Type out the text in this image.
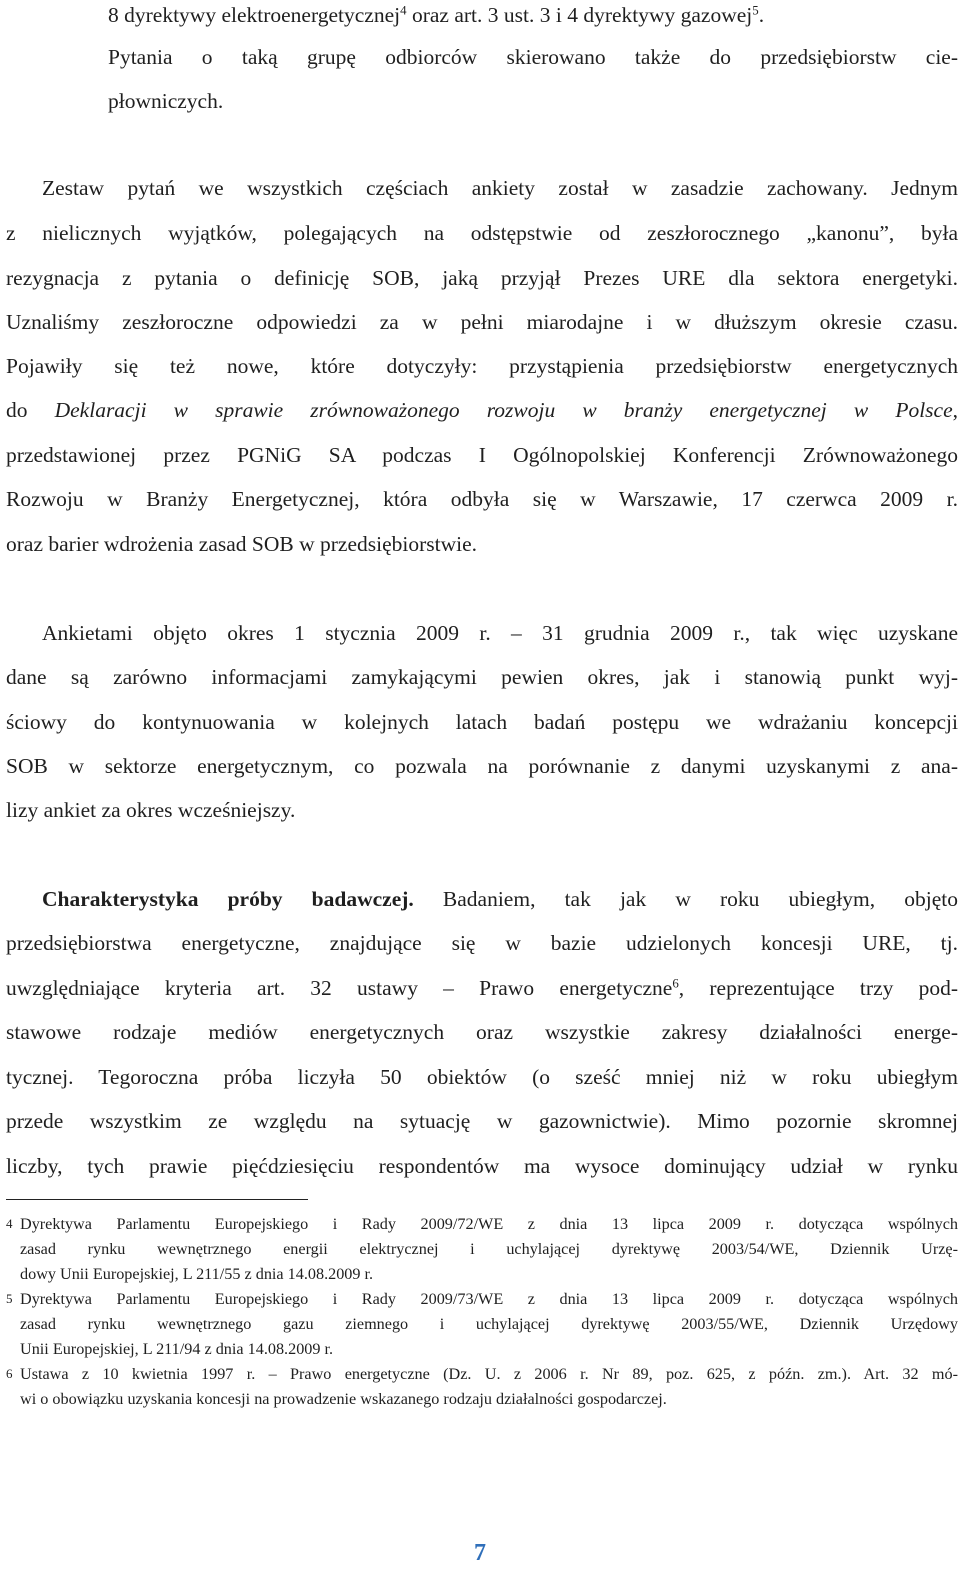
8 dyrektywy elektroenergetycznej$^4$ oraz art. 3 ust. 3 i 4 dyrektywy gazowej$^5$.
Pytania o taką grupę odbiorców skierowano także do przedsiębiorstw cie-
płowniczych.
Zestaw pytań we wszystkich częściach ankiety został w zasadzie zachowany. Jednym
z nielicznych wyjątków, polegających na odstępstwie od zeszłorocznego „kanonu”, była
rezygnacja z pytania o definicję SOB, jaką przyjął Prezes URE dla sektora energetyki.
Uznaliśmy zeszłoroczne odpowiedzi za w pełni miarodajne i w dłuższym okresie czasu.
Pojawiły się też nowe, które dotyczyły: przystąpienia przedsiębiorstw energetycznych
do Deklaracji w sprawie zrównoważonego rozwoju w branży energetycznej w Polsce,
przedstawionej przez PGNiG SA podczas I Ogólnopolskiej Konferencji Zrównoważonego
Rozwoju w Branży Energetycznej, która odbyła się w Warszawie, 17 czerwca 2009 r.
oraz barier wdrożenia zasad SOB w przedsiębiorstwie.
Ankietami objęto okres 1 stycznia 2009 r. – 31 grudnia 2009 r., tak więc uzyskane
dane są zarówno informacjami zamykającymi pewien okres, jak i stanowią punkt wyj-
ściowy do kontynuowania w kolejnych latach badań postępu we wdrażaniu koncepcji
SOB w sektorze energetycznym, co pozwala na porównanie z danymi uzyskanymi z ana-
lizy ankiet za okres wcześniejszy.
Charakterystyka próby badawczej. Badaniem, tak jak w roku ubiegłym, objęto
przedsiębiorstwa energetyczne, znajdujące się w bazie udzielonych koncesji URE, tj.
uwzględniające kryteria art. 32 ustawy – Prawo energetyczne$^6$, reprezentujące trzy pod-
stawowe rodzaje mediów energetycznych oraz wszystkie zakresy działalności energe-
tycznej. Tegoroczna próba liczyła 50 obiektów (o sześć mniej niż w roku ubiegłym
przede wszystkim ze względu na sytuację w gazownictwie). Mimo pozornie skromnej
liczby, tych prawie pięćdziesięciu respondentów ma wysoce dominujący udział w rynku
4 Dyrektywa Parlamentu Europejskiego i Rady 2009/72/WE z dnia 13 lipca 2009 r. dotycząca wspólnych
zasad rynku wewnętrznego energii elektrycznej i uchylającej dyrektywę 2003/54/WE, Dziennik Urzę-
dowy Unii Europejskiej, L 211/55 z dnia 14.08.2009 r.
5 Dyrektywa Parlamentu Europejskiego i Rady 2009/73/WE z dnia 13 lipca 2009 r. dotycząca wspólnych
zasad rynku wewnętrznego gazu ziemnego i uchylającej dyrektywę 2003/55/WE, Dziennik Urzędowy
Unii Europejskiej, L 211/94 z dnia 14.08.2009 r.
6 Ustawa z 10 kwietnia 1997 r. – Prawo energetyczne (Dz. U. z 2006 r. Nr 89, poz. 625, z późn. zm.). Art. 32 mó-
wi o obowiązku uzyskania koncesji na prowadzenie wskazanego rodzaju działalności gospodarczej.
7
